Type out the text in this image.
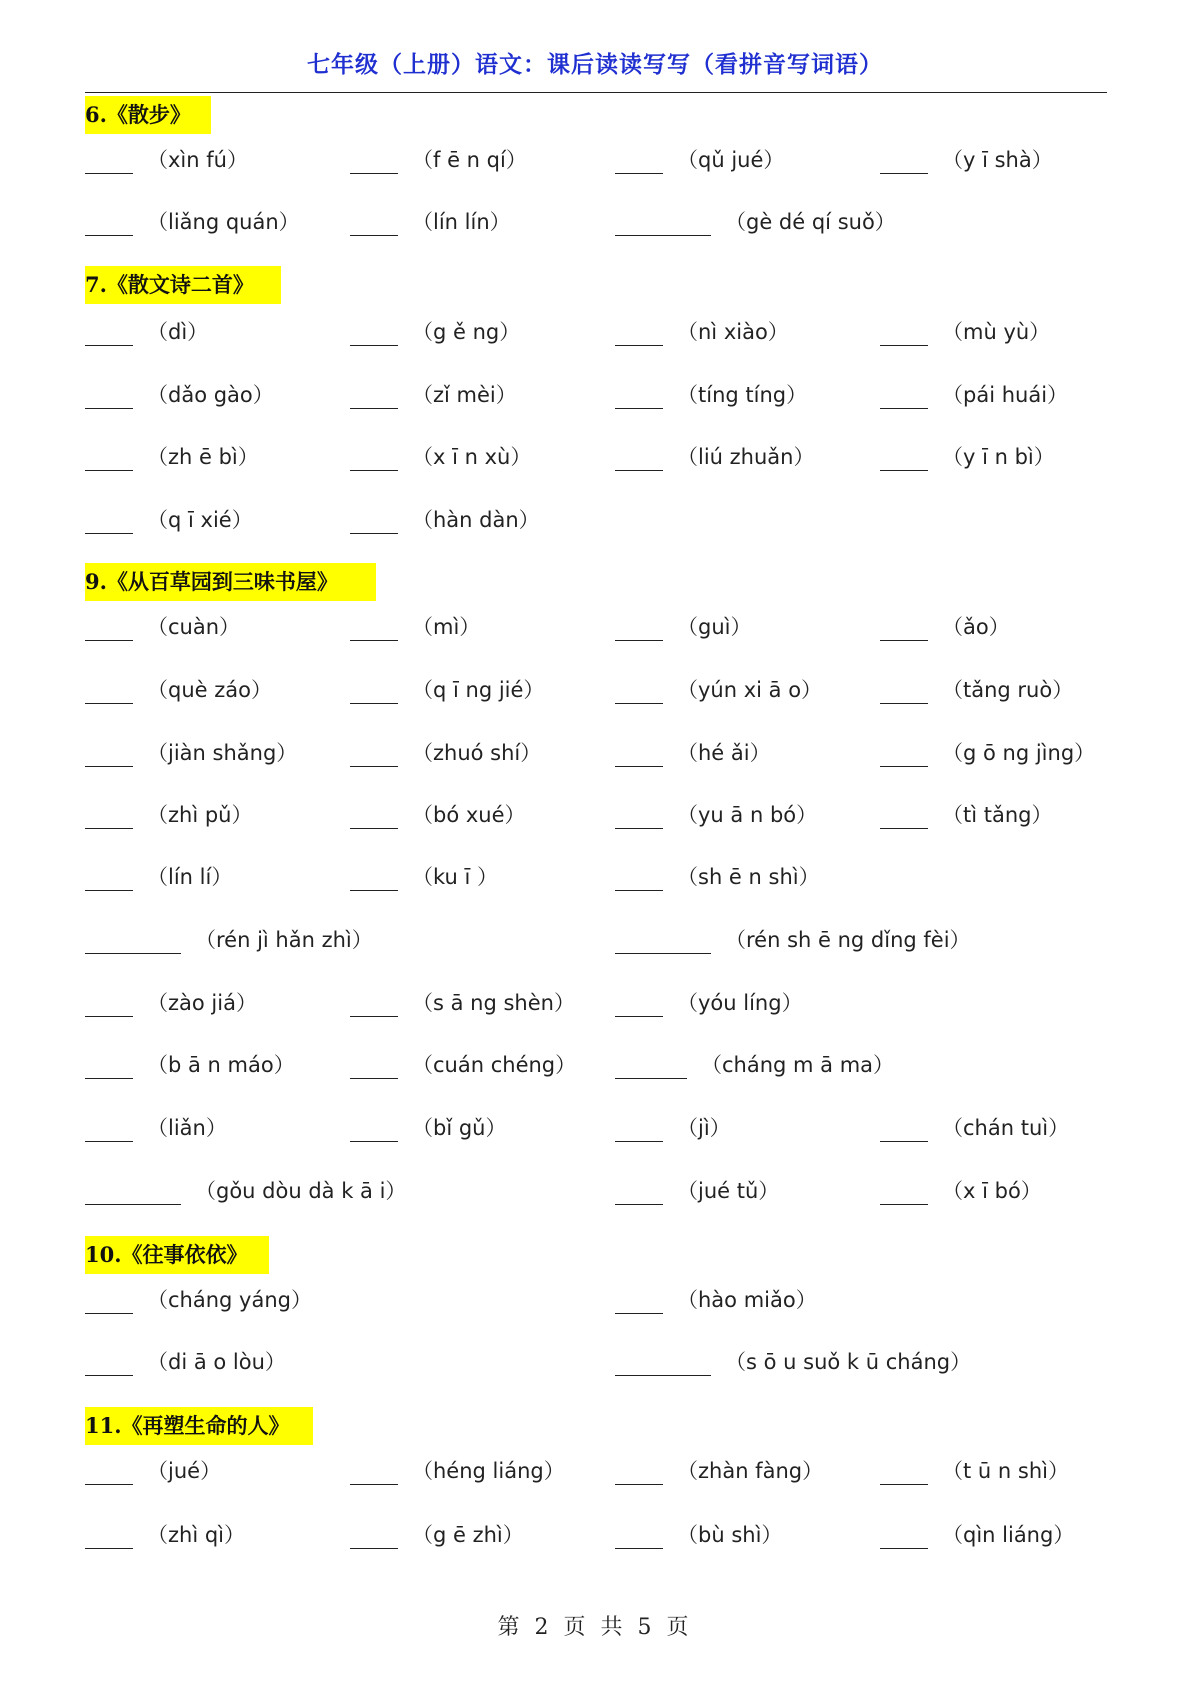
七年级（上册）语文：课后读读写写（看拼音写词语）
6.《散步》
（xìn fú）	（f ē n qí）	（qǔ jué）	（y ī shà）
（liǎng quán）	（lín lín）	（gè dé qí suǒ）
7.《散文诗二首》
（dì）	（g ě ng）	（nì xiào）	（mù yù）
（dǎo gào）	（zǐ mèi）	（tíng tíng）	（pái huái）
（zh ē bì）	（x ī n xù）	（liú zhuǎn）	（y ī n bì）
（q ī xié）	（hàn dàn）
9.《从百草园到三味书屋》
（cuàn）	（mì）	（guì）	（ǎo）
（què záo）	（q ī ng jié）	（yún xi ā o）	（tǎng ruò）
（jiàn shǎng）	（zhuó shí）	（hé ǎi）	（g ō ng jìng）
（zhì pǔ）	（bó xué）	（yu ā n bó）	（tì tǎng）
（lín lí）	（ku ī ）	（sh ē n shì）
（rén jì hǎn zhì）	（rén sh ē ng dǐng fèi）
（zào jiá）	（s ā ng shèn）	（yóu líng）
（b ā n máo）	（cuán chéng）	（cháng m ā ma）
（liǎn）	（bǐ gǔ）	（jì）	（chán tuì）
（gǒu dòu dà k ā i）	（jué tǔ）	（x ī bó）
10.《往事依依》
（cháng yáng）	（hào miǎo）
（di ā o lòu）	（s ō u suǒ k ū cháng）
11.《再塑生命的人》
（jué）	（héng liáng）	（zhàn fàng）	（t ū n shì）
（zhì qì）	（g ē zhì）	（bù shì）	（qìn liáng）
第 2 页 共 5 页
